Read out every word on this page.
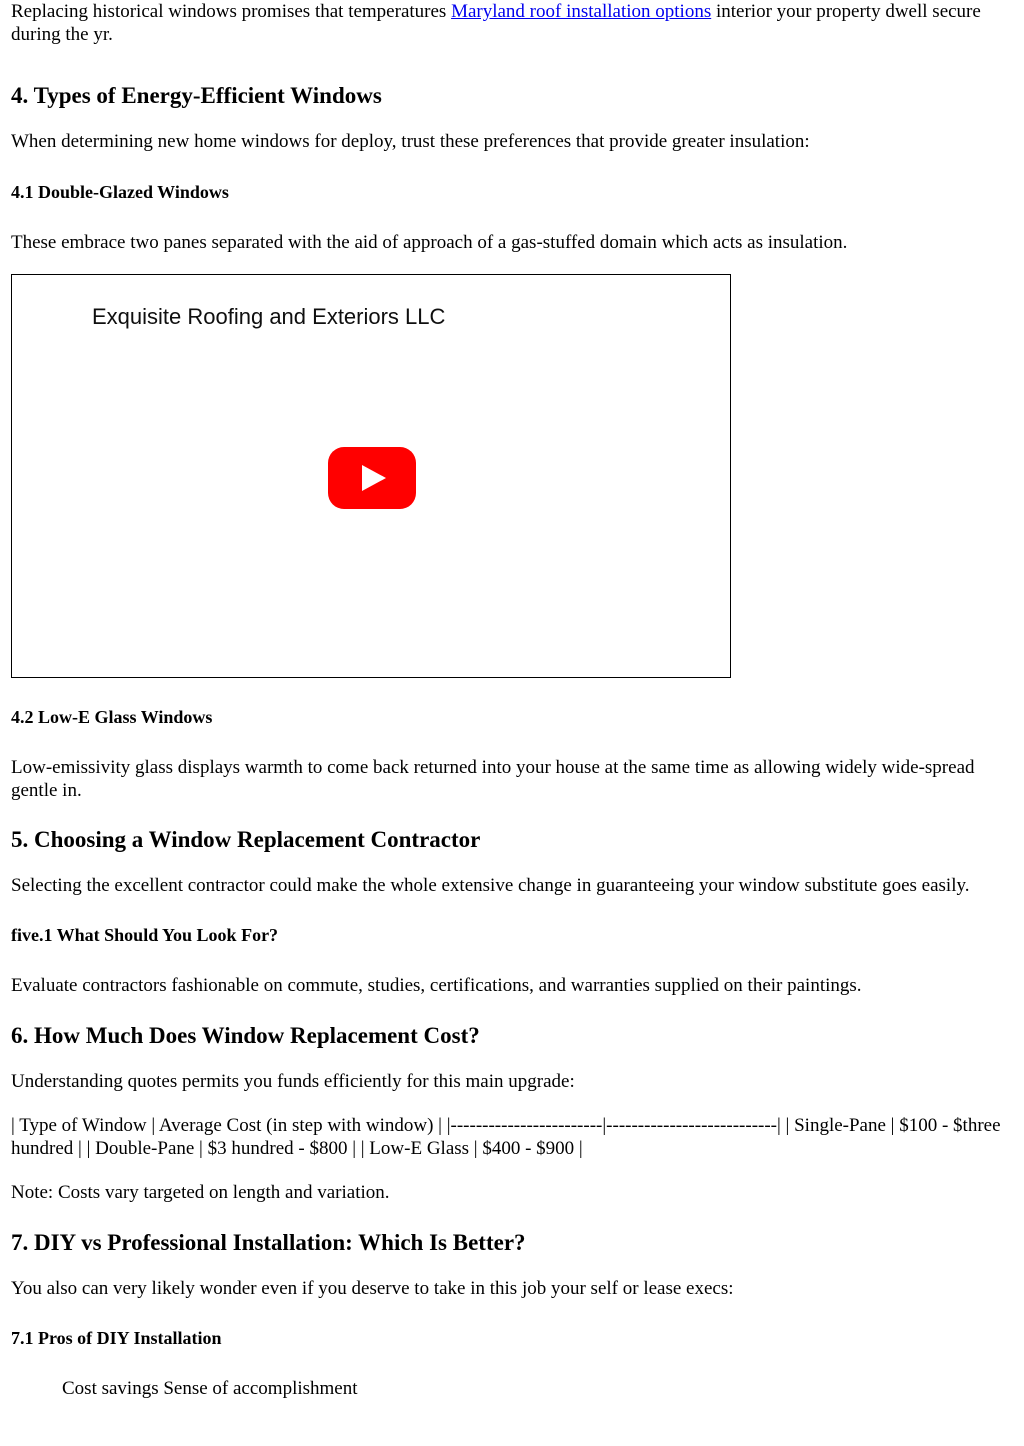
Replacing historical windows promises that temperatures Maryland roof installation options interior your property dwell secure during the yr.

4. Types of Energy-Efficient Windows

When determining new home windows for deploy, trust these preferences that provide greater insulation:

4.1 Double-Glazed Windows

These embrace two panes separated with the aid of approach of a gas-stuffed domain which acts as insulation.

Exquisite Roofing and Exteriors LLC
4.2 Low-E Glass Windows

Low-emissivity glass displays warmth to come back returned into your house at the same time as allowing widely wide-spread gentle in.

5. Choosing a Window Replacement Contractor

Selecting the excellent contractor could make the whole extensive change in guaranteeing your window substitute goes easily.

five.1 What Should You Look For?

Evaluate contractors fashionable on commute, studies, certifications, and warranties supplied on their paintings.

6. How Much Does Window Replacement Cost?

Understanding quotes permits you funds efficiently for this main upgrade:

| Type of Window | Average Cost (in step with window) | |------------------------|---------------------------| | Single-Pane | $100 - $three hundred | | Double-Pane | $3 hundred - $800 | | Low-E Glass | $400 - $900 |

Note: Costs vary targeted on length and variation.

7. DIY vs Professional Installation: Which Is Better?

You also can very likely wonder even if you deserve to take in this job your self or lease execs:

7.1 Pros of DIY Installation

Cost savings Sense of accomplishment
